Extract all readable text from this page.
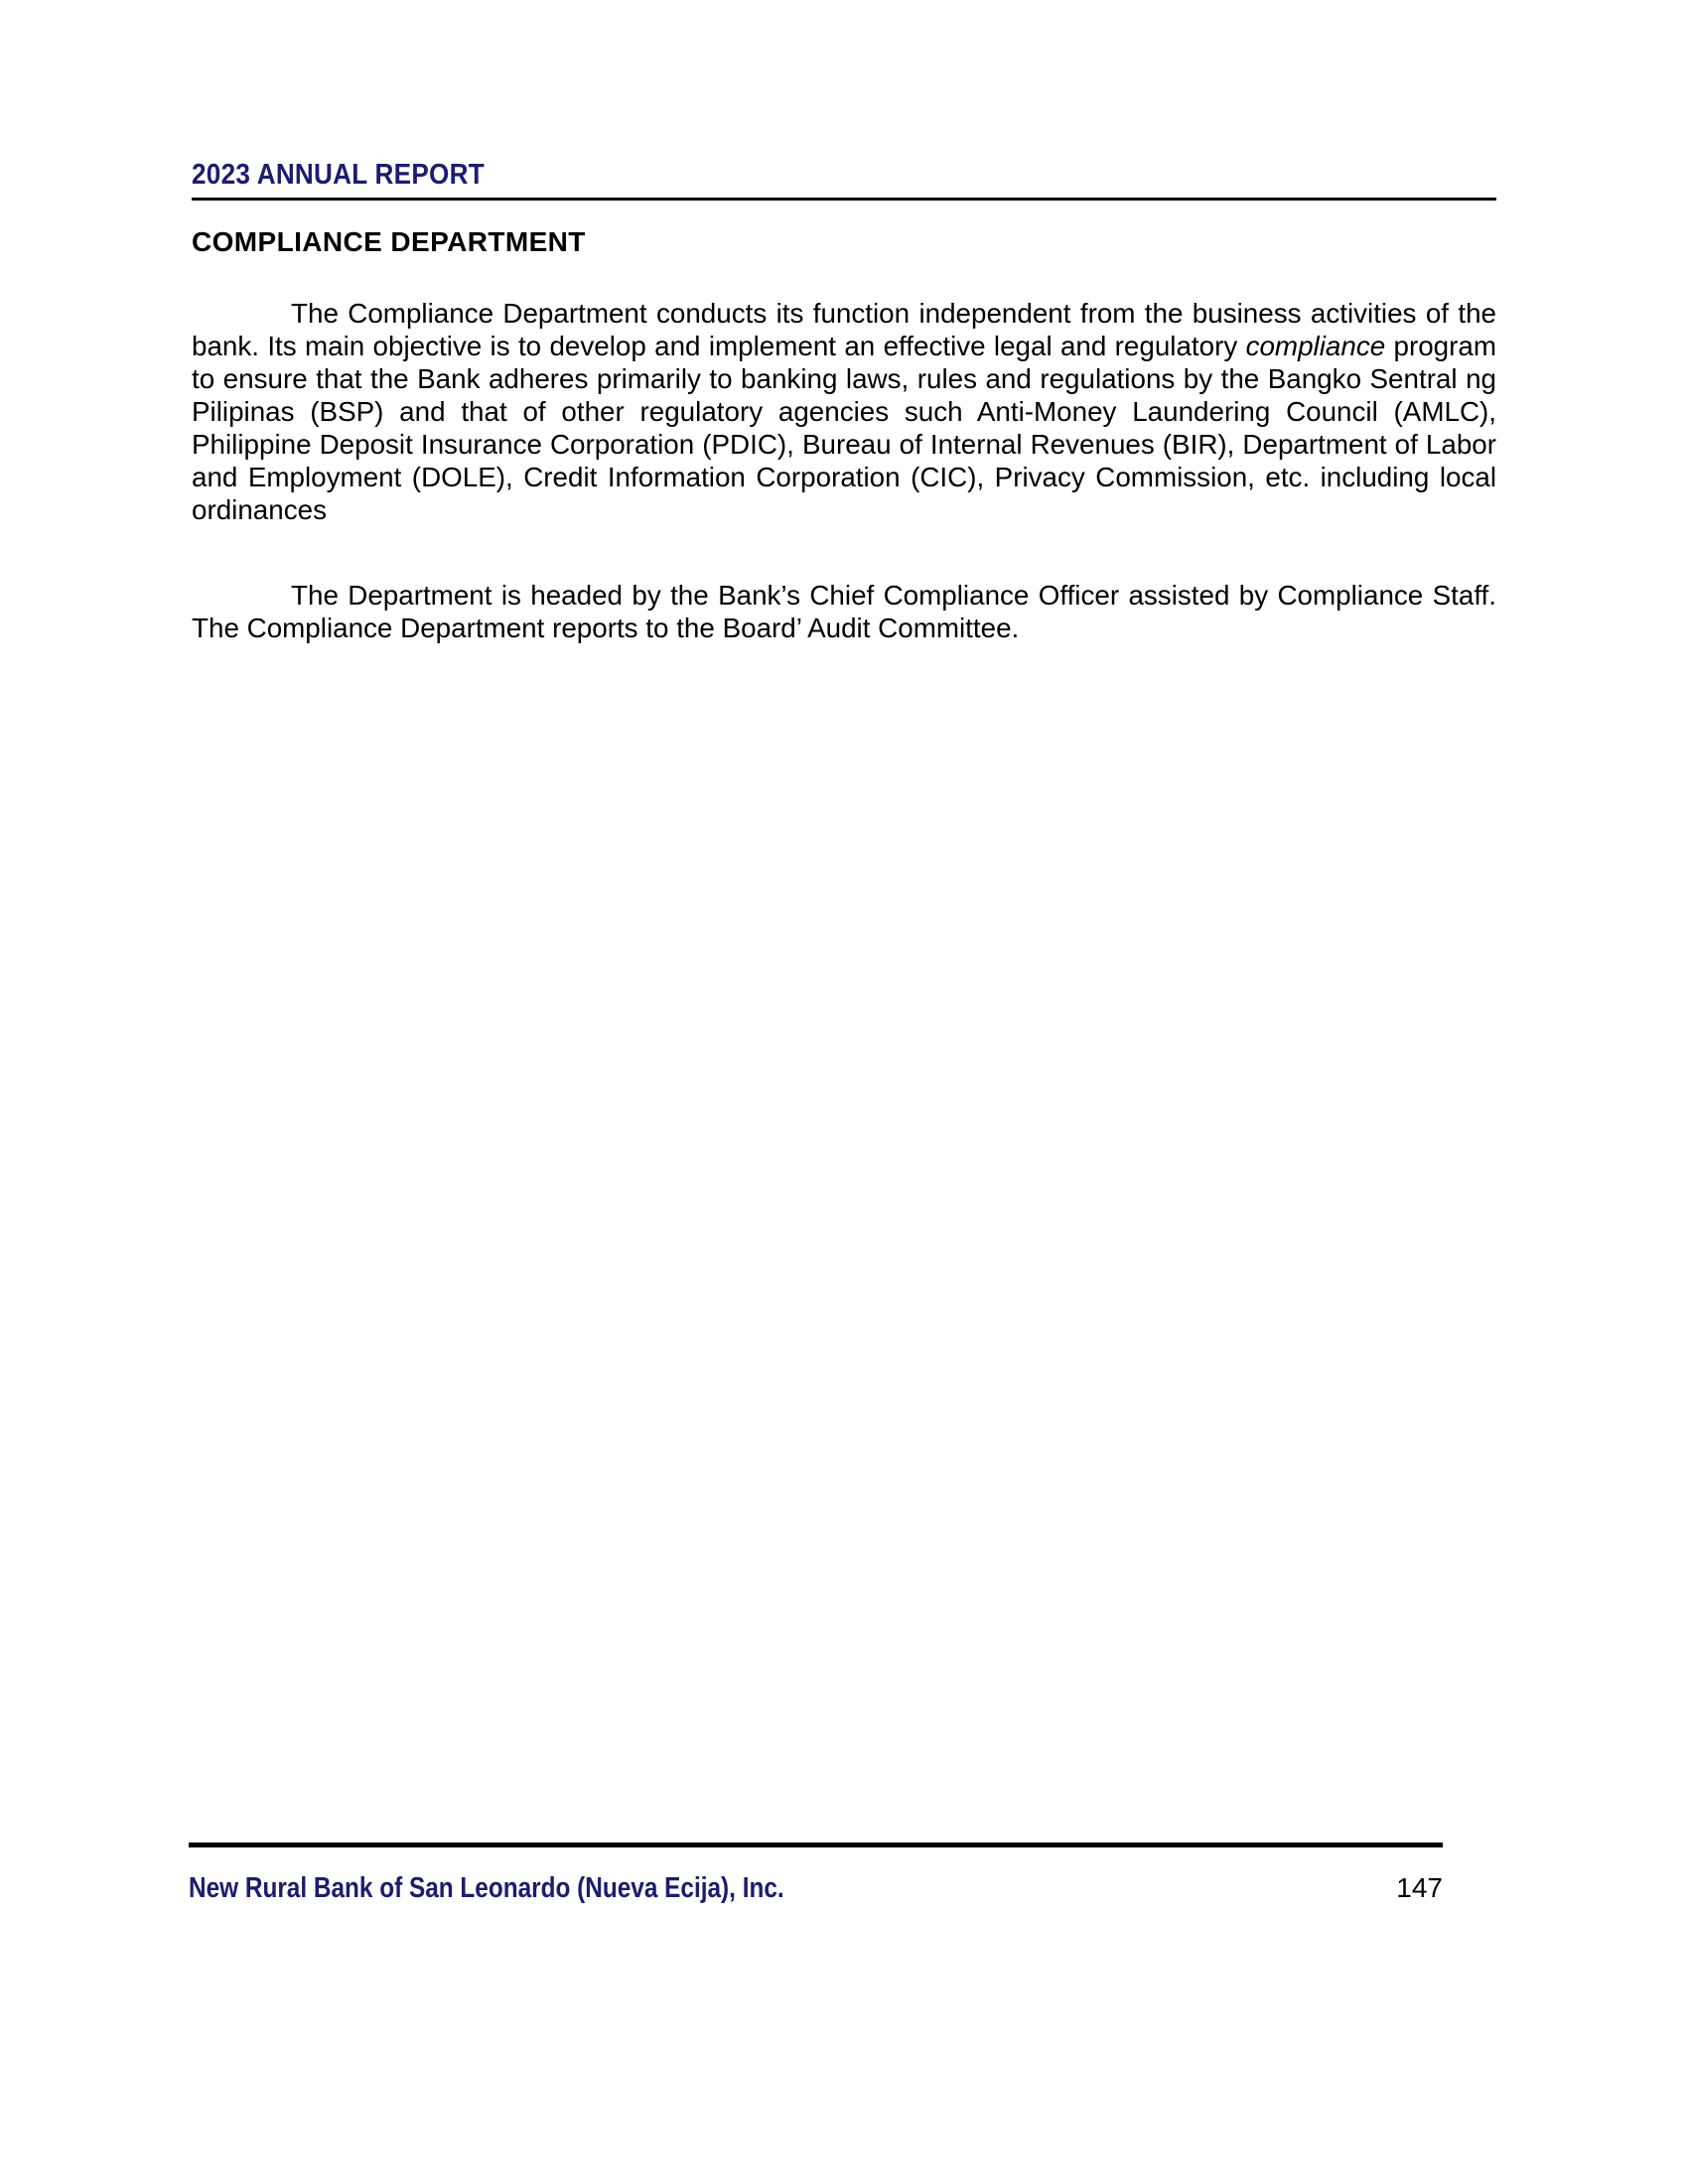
2023 ANNUAL REPORT
COMPLIANCE DEPARTMENT

The Compliance Department conducts its function independent from the business activities of the bank. Its main objective is to develop and implement an effective legal and regulatory compliance program to ensure that the Bank adheres primarily to banking laws, rules and regulations by the Bangko Sentral ng Pilipinas (BSP) and that of other regulatory agencies such Anti-Money Laundering Council (AMLC), Philippine Deposit Insurance Corporation (PDIC), Bureau of Internal Revenues (BIR), Department of Labor and Employment (DOLE), Credit Information Corporation (CIC), Privacy Commission, etc. including local ordinances

The Department is headed by the Bank’s Chief Compliance Officer assisted by Compliance Staff. The Compliance Department reports to the Board’ Audit Committee.

New Rural Bank of San Leonardo (Nueva Ecija), Inc.	147
